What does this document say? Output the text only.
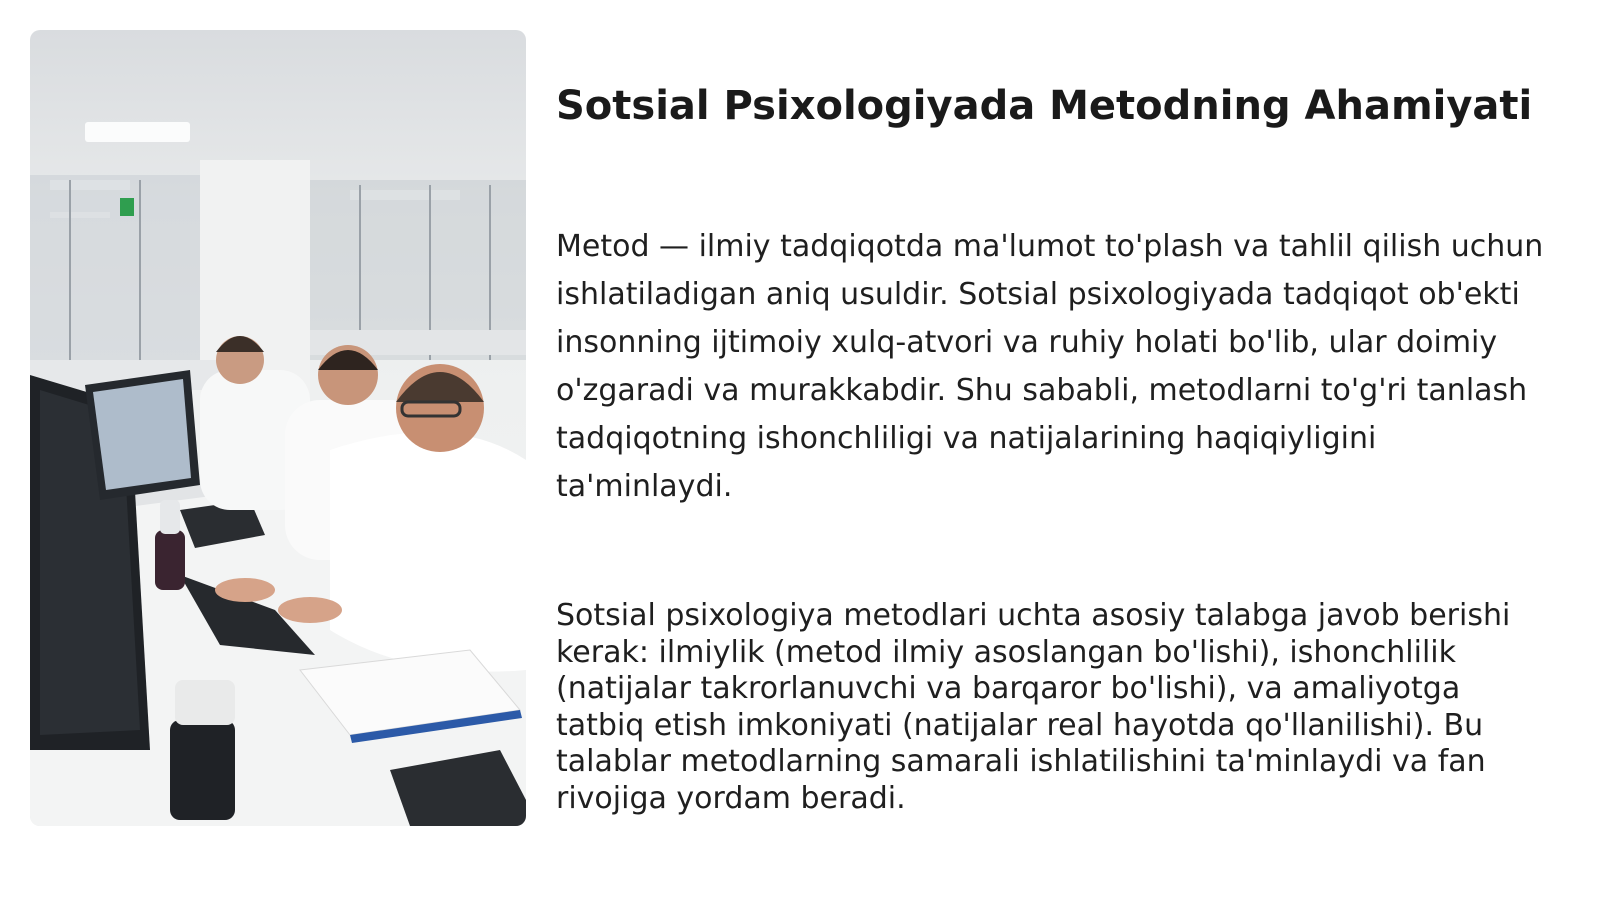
Sotsial Psixologiyada Metodning Ahamiyati

Metod — ilmiy tadqiqotda ma'lumot to'plash va tahlil qilish uchun ishlatiladigan aniq usuldir. Sotsial psixologiyada tadqiqot ob'ekti insonning ijtimoiy xulq-atvori va ruhiy holati bo'lib, ular doimiy o'zgaradi va murakkabdir. Shu sababli, metodlarni to'g'ri tanlash tadqiqotning ishonchliligi va natijalarining haqiqiyligini ta'minlaydi.

Sotsial psixologiya metodlari uchta asosiy talabga javob berishi kerak: ilmiylik (metod ilmiy asoslangan bo'lishi), ishonchlilik (natijalar takrorlanuvchi va barqaror bo'lishi), va amaliyotga tatbiq etish imkoniyati (natijalar real hayotda qo'llanilishi). Bu talablar metodlarning samarali ishlatilishini ta'minlaydi va fan rivojiga yordam beradi.
